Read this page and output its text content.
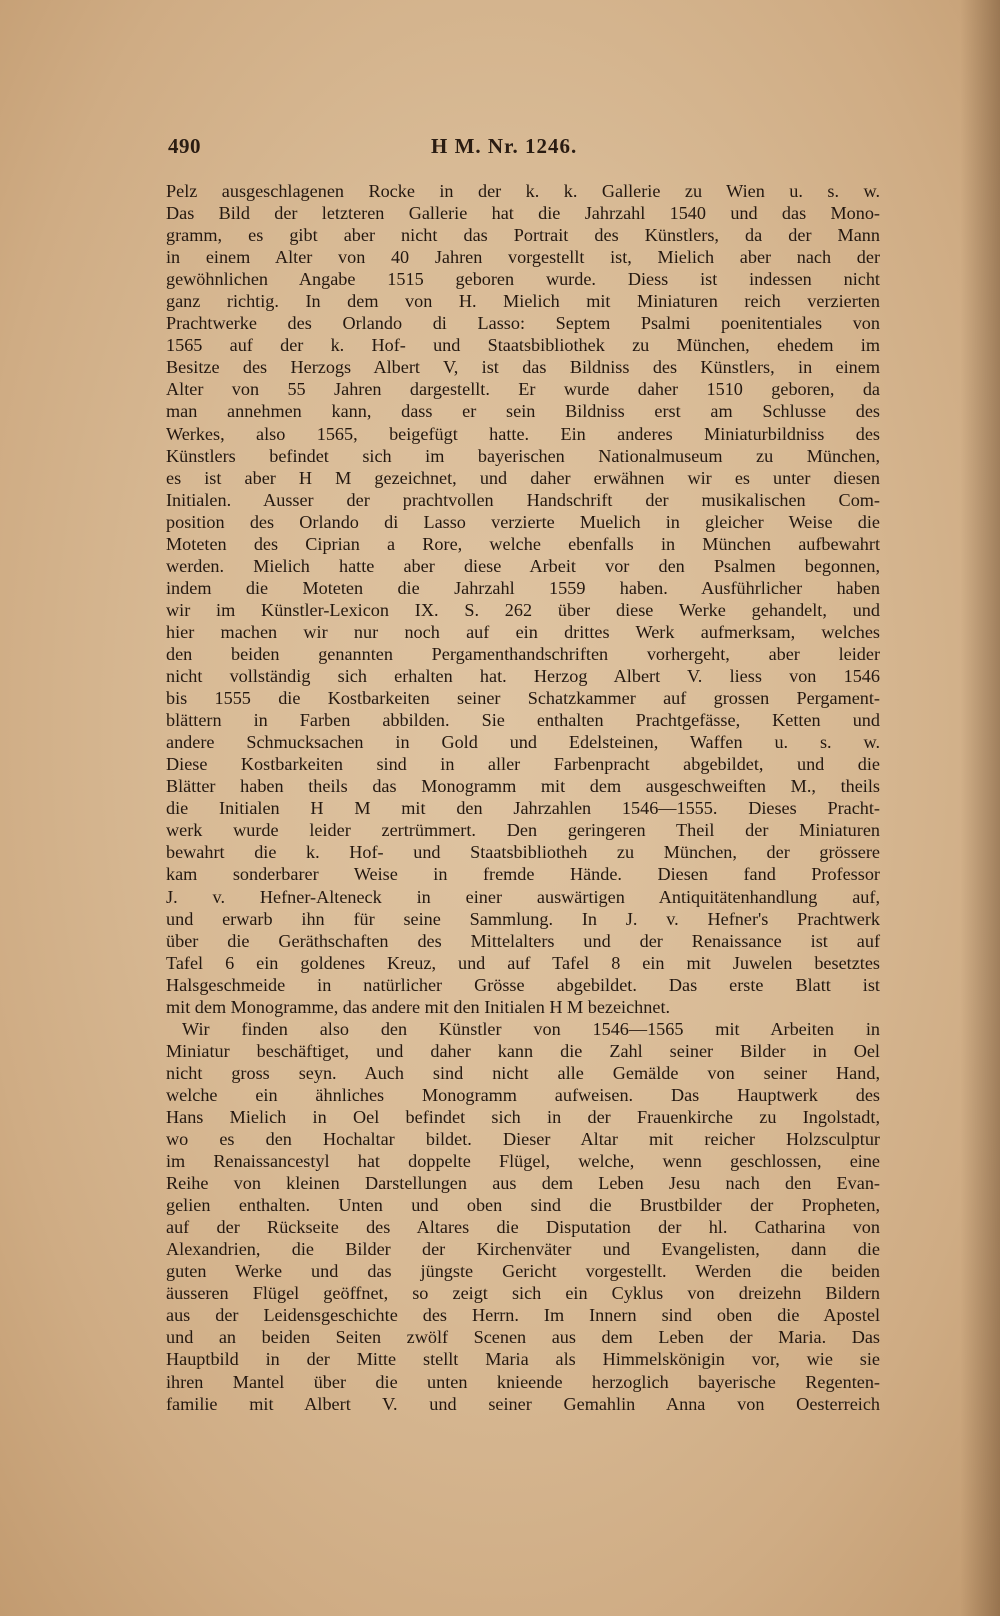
490	H M. Nr. 1246.
Pelz ausgeschlagenen Rocke in der k. k. Gallerie zu Wien u. s. w.
Das Bild der letzteren Gallerie hat die Jahrzahl 1540 und das Mono-
gramm, es gibt aber nicht das Portrait des Künstlers, da der Mann
in einem Alter von 40 Jahren vorgestellt ist, Mielich aber nach der
gewöhnlichen Angabe 1515 geboren wurde. Diess ist indessen nicht
ganz richtig. In dem von H. Mielich mit Miniaturen reich verzierten
Prachtwerke des Orlando di Lasso: Septem Psalmi poenitentiales von
1565 auf der k. Hof- und Staatsbibliothek zu München, ehedem im
Besitze des Herzogs Albert V, ist das Bildniss des Künstlers, in einem
Alter von 55 Jahren dargestellt. Er wurde daher 1510 geboren, da
man annehmen kann, dass er sein Bildniss erst am Schlusse des
Werkes, also 1565, beigefügt hatte. Ein anderes Miniaturbildniss des
Künstlers befindet sich im bayerischen Nationalmuseum zu München,
es ist aber H M gezeichnet, und daher erwähnen wir es unter diesen
Initialen. Ausser der prachtvollen Handschrift der musikalischen Com-
position des Orlando di Lasso verzierte Muelich in gleicher Weise die
Moteten des Ciprian a Rore, welche ebenfalls in München aufbewahrt
werden. Mielich hatte aber diese Arbeit vor den Psalmen begonnen,
indem die Moteten die Jahrzahl 1559 haben. Ausführlicher haben
wir im Künstler-Lexicon IX. S. 262 über diese Werke gehandelt, und
hier machen wir nur noch auf ein drittes Werk aufmerksam, welches
den beiden genannten Pergamenthandschriften vorhergeht, aber leider
nicht vollständig sich erhalten hat. Herzog Albert V. liess von 1546
bis 1555 die Kostbarkeiten seiner Schatzkammer auf grossen Pergament-
blättern in Farben abbilden. Sie enthalten Prachtgefässe, Ketten und
andere Schmucksachen in Gold und Edelsteinen, Waffen u. s. w.
Diese Kostbarkeiten sind in aller Farbenpracht abgebildet, und die
Blätter haben theils das Monogramm mit dem ausgeschweiften M., theils
die Initialen H M mit den Jahrzahlen 1546—1555. Dieses Pracht-
werk wurde leider zertrümmert. Den geringeren Theil der Miniaturen
bewahrt die k. Hof- und Staatsbibliotheh zu München, der grössere
kam sonderbarer Weise in fremde Hände. Diesen fand Professor
J. v. Hefner-Alteneck in einer auswärtigen Antiquitätenhandlung auf,
und erwarb ihn für seine Sammlung. In J. v. Hefner's Prachtwerk
über die Geräthschaften des Mittelalters und der Renaissance ist auf
Tafel 6 ein goldenes Kreuz, und auf Tafel 8 ein mit Juwelen besetztes
Halsgeschmeide in natürlicher Grösse abgebildet. Das erste Blatt ist
mit dem Monogramme, das andere mit den Initialen H M bezeichnet.
Wir finden also den Künstler von 1546—1565 mit Arbeiten in
Miniatur beschäftiget, und daher kann die Zahl seiner Bilder in Oel
nicht gross seyn. Auch sind nicht alle Gemälde von seiner Hand,
welche ein ähnliches Monogramm aufweisen. Das Hauptwerk des
Hans Mielich in Oel befindet sich in der Frauenkirche zu Ingolstadt,
wo es den Hochaltar bildet. Dieser Altar mit reicher Holzsculptur
im Renaissancestyl hat doppelte Flügel, welche, wenn geschlossen, eine
Reihe von kleinen Darstellungen aus dem Leben Jesu nach den Evan-
gelien enthalten. Unten und oben sind die Brustbilder der Propheten,
auf der Rückseite des Altares die Disputation der hl. Catharina von
Alexandrien, die Bilder der Kirchenväter und Evangelisten, dann die
guten Werke und das jüngste Gericht vorgestellt. Werden die beiden
äusseren Flügel geöffnet, so zeigt sich ein Cyklus von dreizehn Bildern
aus der Leidensgeschichte des Herrn. Im Innern sind oben die Apostel
und an beiden Seiten zwölf Scenen aus dem Leben der Maria. Das
Hauptbild in der Mitte stellt Maria als Himmelskönigin vor, wie sie
ihren Mantel über die unten knieende herzoglich bayerische Regenten-
familie mit Albert V. und seiner Gemahlin Anna von Oesterreich
